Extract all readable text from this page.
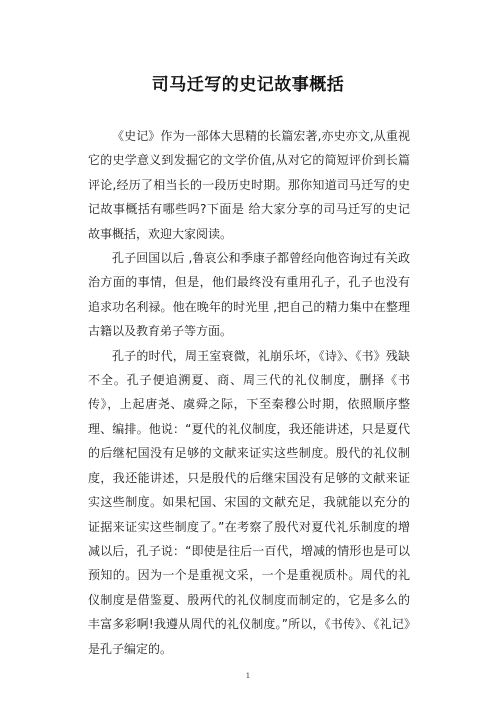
司马迁写的史记故事概括

《史记》作为一部体大思精的长篇宏著,亦史亦文,从重视它的史学意义到发掘它的文学价值,从对它的简短评价到长篇评论,经历了相当长的一段历史时期。那你知道司马迁写的史记故事概括有哪些吗?下面是 给大家分享的司马迁写的史记故事概括，欢迎大家阅读。

孔子回国以后 ,鲁哀公和季康子都曾经向他咨询过有关政治方面的事情，但是，他们最终没有重用孔子，孔子也没有追求功名利禄。他在晚年的时光里 ,把自己的精力集中在整理古籍以及教育弟子等方面。

孔子的时代，周王室衰微，礼崩乐坏，《诗》、《书》残缺不全。孔子便追溯夏、商、周三代的礼仪制度，删择《书传》，上起唐尧、虞舜之际，下至秦穆公时期，依照顺序整理、编排。他说：“夏代的礼仪制度，我还能讲述，只是夏代的后继杞国没有足够的文献来证实这些制度。殷代的礼仪制度，我还能讲述，只是殷代的后继宋国没有足够的文献来证实这些制度。如果杞国、宋国的文献充足，我就能以充分的证据来证实这些制度了。”在考察了殷代对夏代礼乐制度的增减以后，孔子说：“即使是往后一百代，增减的情形也是可以预知的。因为一个是重视文采，一个是重视质朴。周代的礼仪制度是借鉴夏、殷两代的礼仪制度而制定的，它是多么的丰富多彩啊!我遵从周代的礼仪制度。”所以，《书传》、《礼记》是孔子编定的。

1
